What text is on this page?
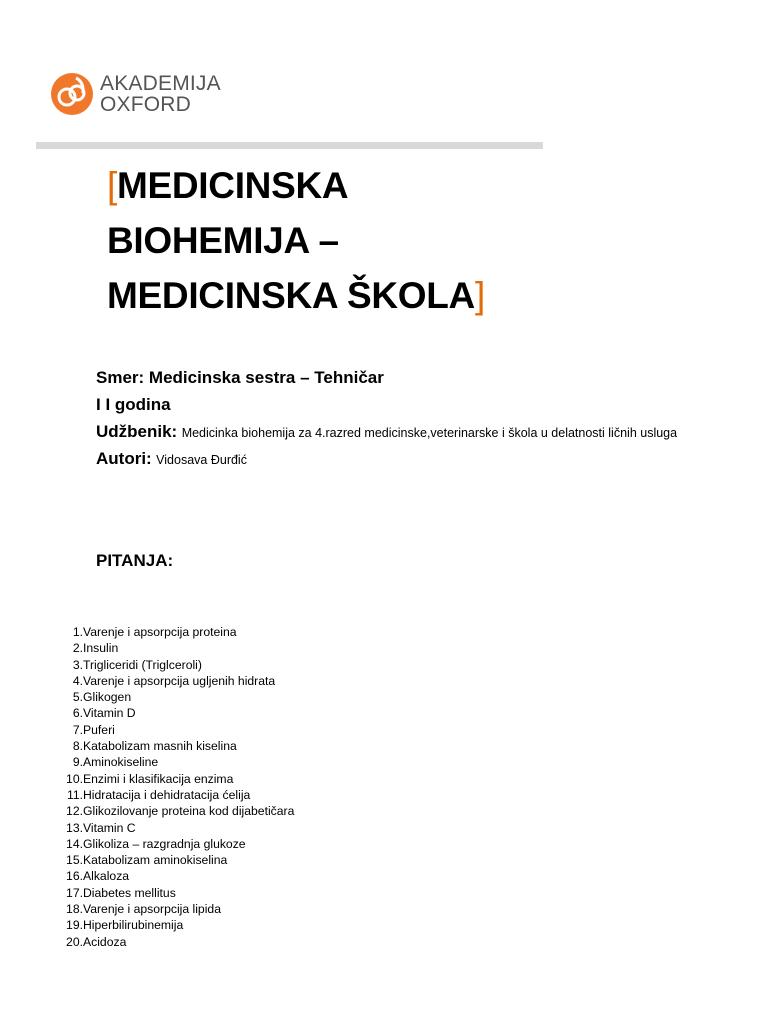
AKADEMIJA
OXFORD
[MEDICINSKA
BIOHEMIJA –
MEDICINSKA ŠKOLA]
Smer: Medicinska sestra – Tehničar
I I godina
Udžbenik: Medicinka biohemija za 4.razred medicinske,veterinarske i škola u delatnosti ličnih usluga
Autori: Vidosava Đurđić
PITANJA:
1. Varenje i apsorpcija proteina
2. Insulin
3. Trigliceridi (Triglceroli)
4. Varenje i apsorpcija ugljenih hidrata
5. Glikogen
6. Vitamin D
7. Puferi
8. Katabolizam masnih kiselina
9. Aminokiseline
10. Enzimi i klasifikacija enzima
11. Hidratacija i dehidratacija ćelija
12. Glikozilovanje proteina kod dijabetičara
13. Vitamin C
14. Glikoliza – razgradnja glukoze
15. Katabolizam aminokiselina
16. Alkaloza
17. Diabetes mellitus
18. Varenje i apsorpcija lipida
19. Hiperbilirubinemija
20. Acidoza
